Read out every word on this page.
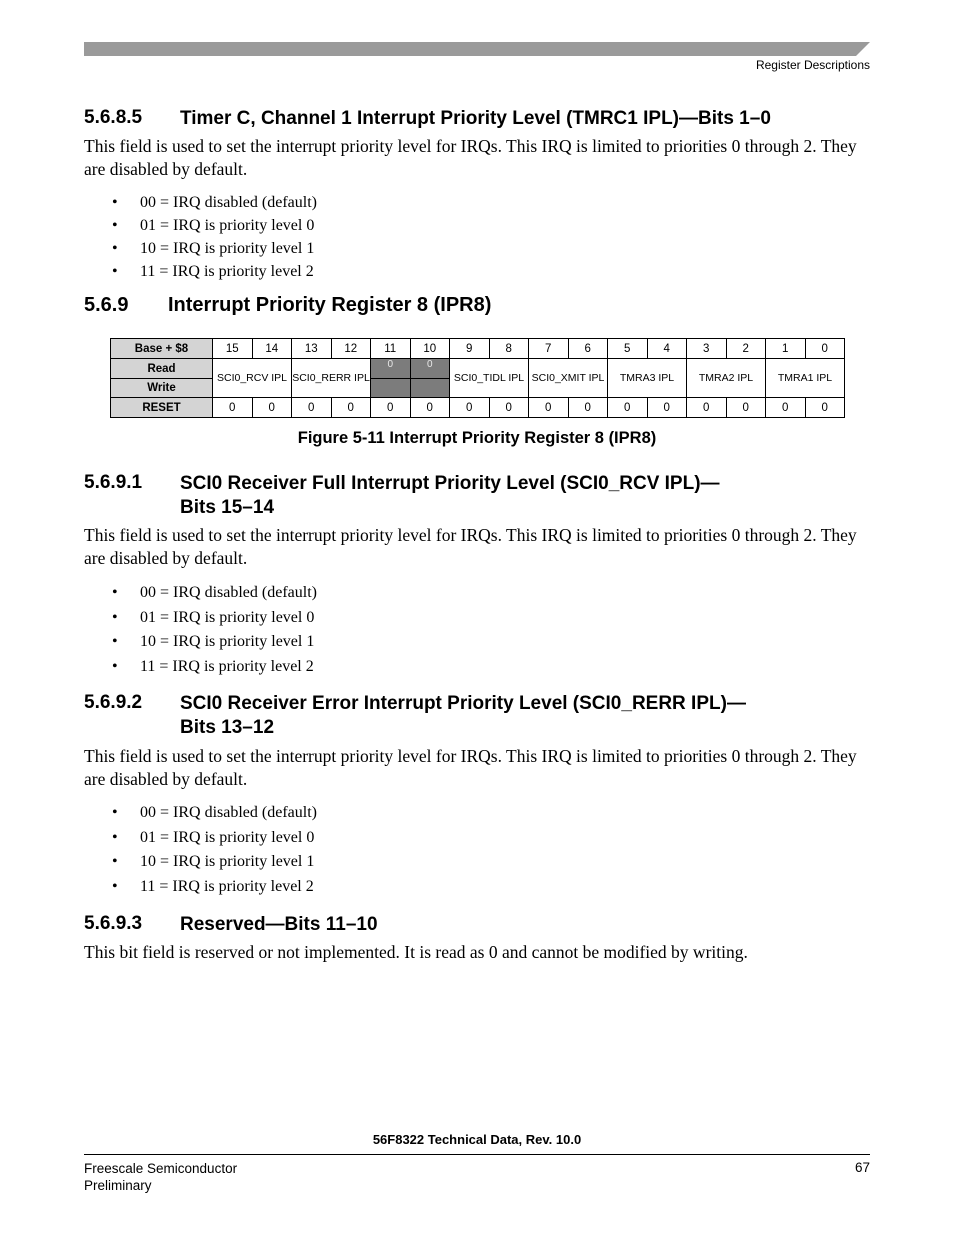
Register Descriptions
5.6.8.5 Timer C, Channel 1 Interrupt Priority Level (TMRC1 IPL)—Bits 1–0
This field is used to set the interrupt priority level for IRQs. This IRQ is limited to priorities 0 through 2. They are disabled by default.
• 00 = IRQ disabled (default)
• 01 = IRQ is priority level 0
• 10 = IRQ is priority level 1
• 11 = IRQ is priority level 2
5.6.9 Interrupt Priority Register 8 (IPR8)
Base + $8	15	14	13	12	11	10	9	8	7	6	5	4	3	2	1	0
Read	SCI0_RCV IPL		SCI0_RERR IPL		0	0	SCI0_TIDL IPL		SCI0_XMIT IPL		TMRA3 IPL		TMRA2 IPL		TMRA1 IPL	
Write																
RESET	0	0	0	0	0	0	0	0	0	0	0	0	0	0	0	0
Figure 5-11 Interrupt Priority Register 8 (IPR8)
5.6.9.1 SCI0 Receiver Full Interrupt Priority Level (SCI0_RCV IPL)—
Bits 15–14
This field is used to set the interrupt priority level for IRQs. This IRQ is limited to priorities 0 through 2. They are disabled by default.
• 00 = IRQ disabled (default)
• 01 = IRQ is priority level 0
• 10 = IRQ is priority level 1
• 11 = IRQ is priority level 2
5.6.9.2 SCI0 Receiver Error Interrupt Priority Level (SCI0_RERR IPL)—
Bits 13–12
This field is used to set the interrupt priority level for IRQs. This IRQ is limited to priorities 0 through 2. They are disabled by default.
• 00 = IRQ disabled (default)
• 01 = IRQ is priority level 0
• 10 = IRQ is priority level 1
• 11 = IRQ is priority level 2
5.6.9.3 Reserved—Bits 11–10
This bit field is reserved or not implemented. It is read as 0 and cannot be modified by writing.
56F8322 Technical Data, Rev. 10.0
Freescale Semiconductor
Preliminary
67
